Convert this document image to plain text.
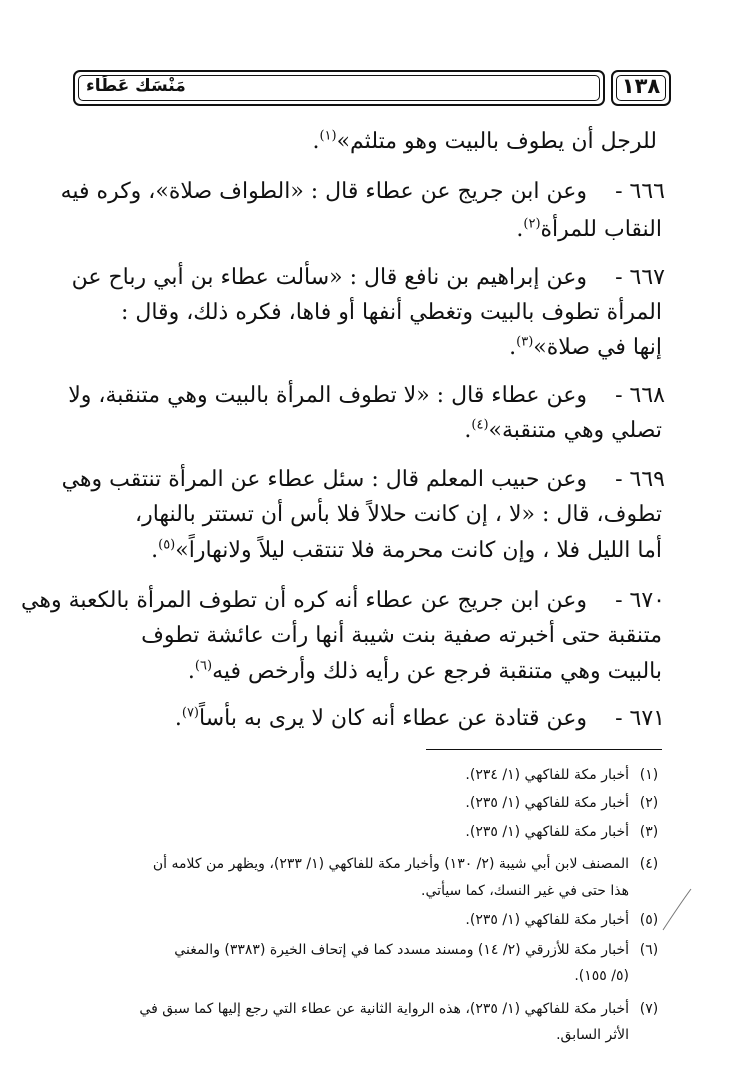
مَنْسَك عَطَاء	١٣٨
للرجل أن يطوف بالبيت وهو متلثم»$^{(١)}$.
٦٦٦ -
وعن ابن جريج عن عطاء قال : «الطواف صلاة»، وكره فيه
النقاب للمرأة$^{(٢)}$.
٦٦٧ -
وعن إبراهيم بن نافع قال : «سألت عطاء بن أبي رباح عن
المرأة تطوف بالبيت وتغطي أنفها أو فاها، فكره ذلك، وقال :
إنها في صلاة»$^{(٣)}$.
٦٦٨ -
وعن عطاء قال : «لا تطوف المرأة بالبيت وهي متنقبة، ولا
تصلي وهي متنقبة»$^{(٤)}$.
٦٦٩ -
وعن حبيب المعلم قال : سئل عطاء عن المرأة تنتقب وهي
تطوف، قال : «لا ، إن كانت حلالاً فلا بأس أن تستتر بالنهار،
أما الليل فلا ، وإن كانت محرمة فلا تنتقب ليلاً ولانهاراً»$^{(٥)}$.
٦٧٠ -
وعن ابن جريج عن عطاء أنه كره أن تطوف المرأة بالكعبة وهي
متنقبة حتى أخبرته صفية بنت شيبة أنها رأت عائشة تطوف
بالبيت وهي متنقبة فرجع عن رأيه ذلك وأرخص فيه$^{(٦)}$.
٦٧١ -
وعن قتادة عن عطاء أنه كان لا يرى به بأساً$^{(٧)}$.
(١)
أخبار مكة للفاكهي (١/ ٢٣٤).
(٢)
أخبار مكة للفاكهي (١/ ٢٣٥).
(٣)
أخبار مكة للفاكهي (١/ ٢٣٥).
(٤)
المصنف لابن أبي شيبة (٢/ ١٣٠) وأخبار مكة للفاكهي (١/ ٢٣٣)، ويظهر من كلامه أن
هذا حتى في غير النسك، كما سيأتي.
(٥)
أخبار مكة للفاكهي (١/ ٢٣٥).
(٦)
أخبار مكة للأزرقي (٢/ ١٤) ومسند مسدد كما في إتحاف الخيرة (٣٣٨٣) والمغني
(٥/ ١٥٥).
(٧)
أخبار مكة للفاكهي (١/ ٢٣٥)، هذه الرواية الثانية عن عطاء التي رجع إليها كما سبق في
الأثر السابق.
